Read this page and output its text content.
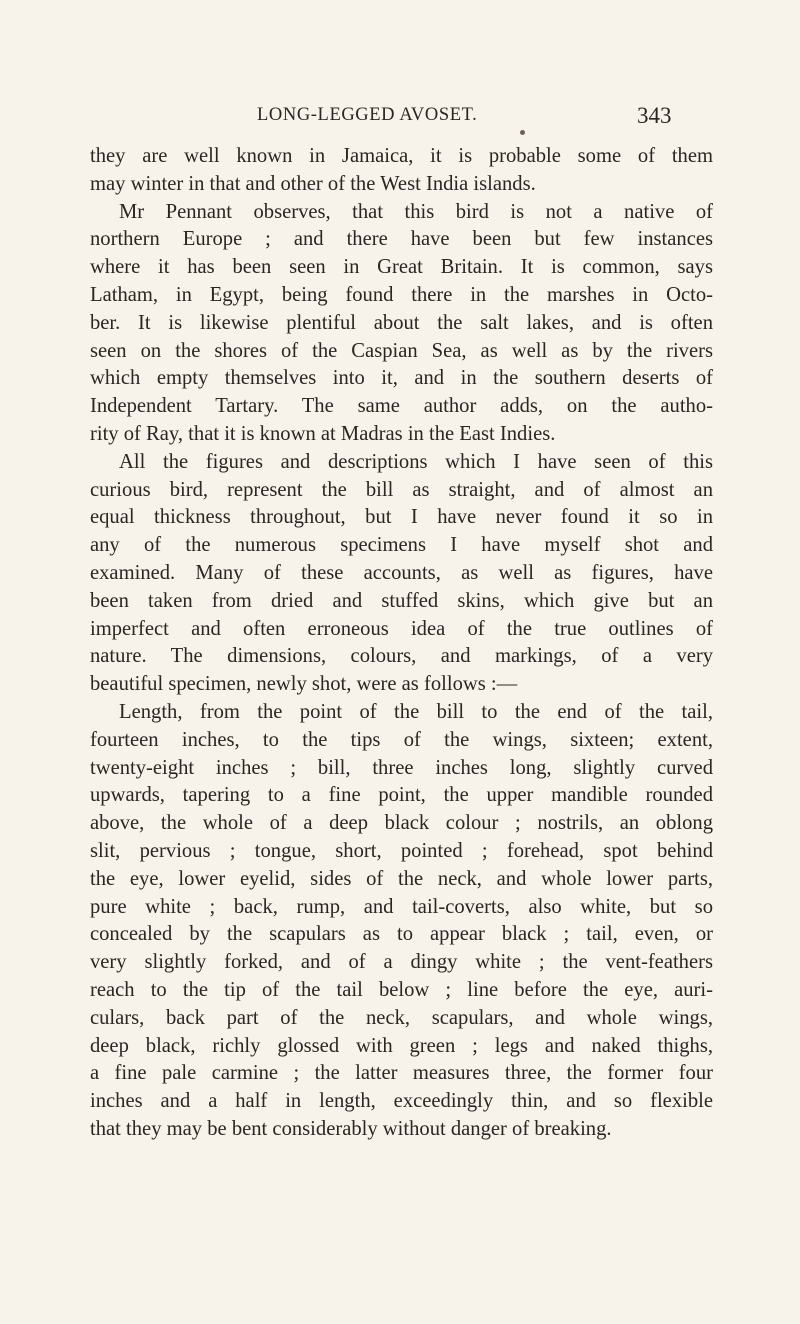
LONG-LEGGED AVOSET.	343
they are well known in Jamaica, it is probable some of them
may winter in that and other of the West India islands.
Mr Pennant observes, that this bird is not a native of
northern Europe ; and there have been but few instances
where it has been seen in Great Britain. It is common, says
Latham, in Egypt, being found there in the marshes in Octo-
ber. It is likewise plentiful about the salt lakes, and is often
seen on the shores of the Caspian Sea, as well as by the rivers
which empty themselves into it, and in the southern deserts of
Independent Tartary. The same author adds, on the autho-
rity of Ray, that it is known at Madras in the East Indies.
All the figures and descriptions which I have seen of this
curious bird, represent the bill as straight, and of almost an
equal thickness throughout, but I have never found it so in
any of the numerous specimens I have myself shot and
examined. Many of these accounts, as well as figures, have
been taken from dried and stuffed skins, which give but an
imperfect and often erroneous idea of the true outlines of
nature. The dimensions, colours, and markings, of a very
beautiful specimen, newly shot, were as follows :—
Length, from the point of the bill to the end of the tail,
fourteen inches, to the tips of the wings, sixteen; extent,
twenty-eight inches ; bill, three inches long, slightly curved
upwards, tapering to a fine point, the upper mandible rounded
above, the whole of a deep black colour ; nostrils, an oblong
slit, pervious ; tongue, short, pointed ; forehead, spot behind
the eye, lower eyelid, sides of the neck, and whole lower parts,
pure white ; back, rump, and tail-coverts, also white, but so
concealed by the scapulars as to appear black ; tail, even, or
very slightly forked, and of a dingy white ; the vent-feathers
reach to the tip of the tail below ; line before the eye, auri-
culars, back part of the neck, scapulars, and whole wings,
deep black, richly glossed with green ; legs and naked thighs,
a fine pale carmine ; the latter measures three, the former four
inches and a half in length, exceedingly thin, and so flexible
that they may be bent considerably without danger of breaking.
